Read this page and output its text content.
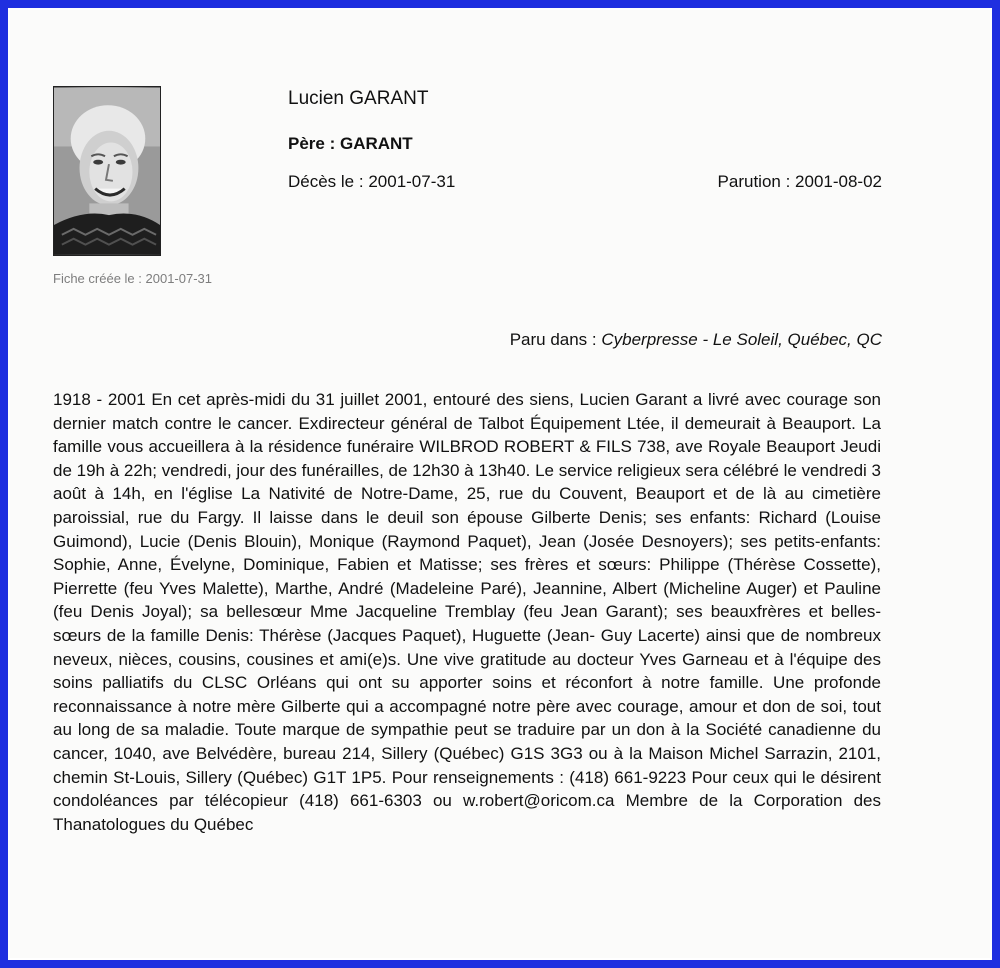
Fiche créée le : 2001-07-31
Lucien GARANT
Père : GARANT
Décès le : 2001-07-31	Parution : 2001-08-02
Paru dans : Cyberpresse - Le Soleil, Québec, QC

1918 - 2001 En cet après-midi du 31 juillet 2001, entouré des siens, Lucien Garant a livré avec courage son dernier match contre le cancer. Exdirecteur général de Talbot Équipement Ltée, il demeurait à Beauport. La famille vous accueillera à la résidence funéraire WILBROD ROBERT & FILS 738, ave Royale Beauport Jeudi de 19h à 22h; vendredi, jour des funérailles, de 12h30 à 13h40. Le service religieux sera célébré le vendredi 3 août à 14h, en l'église La Nativité de Notre-Dame, 25, rue du Couvent, Beauport et de là au cimetière paroissial, rue du Fargy. Il laisse dans le deuil son épouse Gilberte Denis; ses enfants: Richard (Louise Guimond), Lucie (Denis Blouin), Monique (Raymond Paquet), Jean (Josée Desnoyers); ses petits-enfants: Sophie, Anne, Évelyne, Dominique, Fabien et Matisse; ses frères et sœurs: Philippe (Thérèse Cossette), Pierrette (feu Yves Malette), Marthe, André (Madeleine Paré), Jeannine, Albert (Micheline Auger) et Pauline (feu Denis Joyal); sa bellesœur Mme Jacqueline Tremblay (feu Jean Garant); ses beauxfrères et belles-sœurs de la famille Denis: Thérèse (Jacques Paquet), Huguette (Jean- Guy Lacerte) ainsi que de nombreux neveux, nièces, cousins, cousines et ami(e)s. Une vive gratitude au docteur Yves Garneau et à l'équipe des soins palliatifs du CLSC Orléans qui ont su apporter soins et réconfort à notre famille. Une profonde reconnaissance à notre mère Gilberte qui a accompagné notre père avec courage, amour et don de soi, tout au long de sa maladie. Toute marque de sympathie peut se traduire par un don à la Société canadienne du cancer, 1040, ave Belvédère, bureau 214, Sillery (Québec) G1S 3G3 ou à la Maison Michel Sarrazin, 2101, chemin St-Louis, Sillery (Québec) G1T 1P5. Pour renseignements : (418) 661-9223 Pour ceux qui le désirent condoléances par télécopieur (418) 661-6303 ou w.robert@oricom.ca Membre de la Corporation des Thanatologues du Québec
